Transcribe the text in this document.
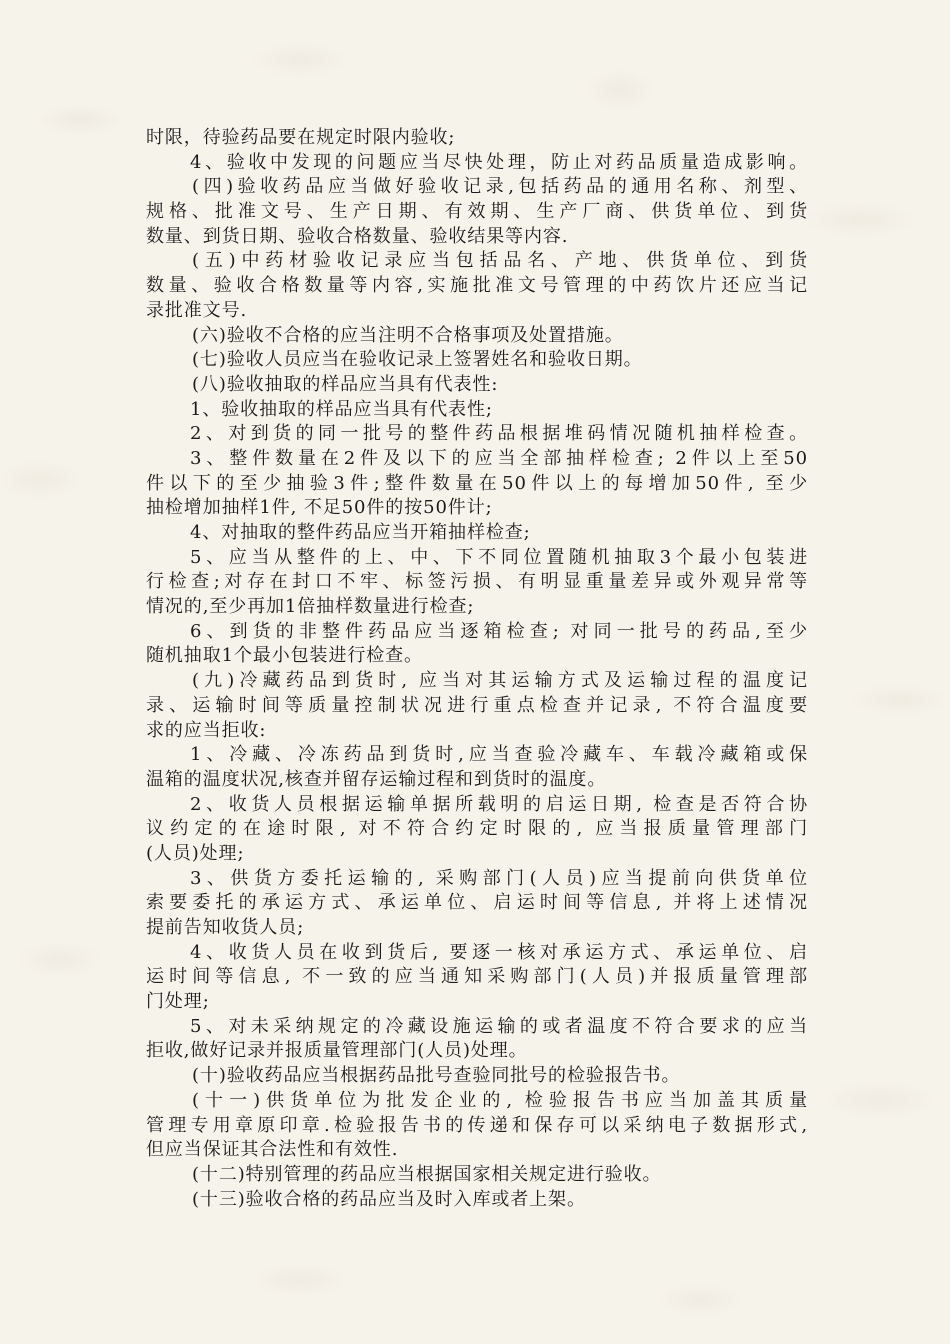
时限，待验药品要在规定时限内验收;
4、验收中发现的问题应当尽快处理，防止对药品质量造成影响。
(四)验收药品应当做好验收记录,包括药品的通用名称、剂型、
规格、批准文号、生产日期、有效期、生产厂商、供货单位、到货
数量、到货日期、验收合格数量、验收结果等内容.
(五)中药材验收记录应当包括品名、产地、供货单位、到货
数量、验收合格数量等内容,实施批准文号管理的中药饮片还应当记
录批准文号.
(六)验收不合格的应当注明不合格事项及处置措施。
(七)验收人员应当在验收记录上签署姓名和验收日期。
(八)验收抽取的样品应当具有代表性:
1、验收抽取的样品应当具有代表性;
2、对到货的同一批号的整件药品根据堆码情况随机抽样检查。
3、整件数量在2件及以下的应当全部抽样检查; 2件以上至50
件以下的至少抽验3件;整件数量在50件以上的每增加50件, 至少
抽检增加抽样1件, 不足50件的按50件计;
4、对抽取的整件药品应当开箱抽样检查;
5、应当从整件的上、中、下不同位置随机抽取3个最小包装进
行检查;对存在封口不牢、标签污损、有明显重量差异或外观异常等
情况的,至少再加1倍抽样数量进行检查;
6、到货的非整件药品应当逐箱检查; 对同一批号的药品,至少
随机抽取1个最小包装进行检查。
(九)冷藏药品到货时, 应当对其运输方式及运输过程的温度记
录、运输时间等质量控制状况进行重点检查并记录, 不符合温度要
求的应当拒收:
1、冷藏、冷冻药品到货时,应当查验冷藏车、车载冷藏箱或保
温箱的温度状况,核查并留存运输过程和到货时的温度。
2、收货人员根据运输单据所载明的启运日期, 检查是否符合协
议约定的在途时限, 对不符合约定时限的, 应当报质量管理部门
(人员)处理;
3、供货方委托运输的, 采购部门(人员)应当提前向供货单位
索要委托的承运方式、承运单位、启运时间等信息, 并将上述情况
提前告知收货人员;
4、收货人员在收到货后, 要逐一核对承运方式、承运单位、启
运时间等信息, 不一致的应当通知采购部门(人员)并报质量管理部
门处理;
5、对未采纳规定的冷藏设施运输的或者温度不符合要求的应当
拒收,做好记录并报质量管理部门(人员)处理。
(十)验收药品应当根据药品批号查验同批号的检验报告书。
(十一)供货单位为批发企业的, 检验报告书应当加盖其质量
管理专用章原印章.检验报告书的传递和保存可以采纳电子数据形式,
但应当保证其合法性和有效性.
(十二)特别管理的药品应当根据国家相关规定进行验收。
(十三)验收合格的药品应当及时入库或者上架。
